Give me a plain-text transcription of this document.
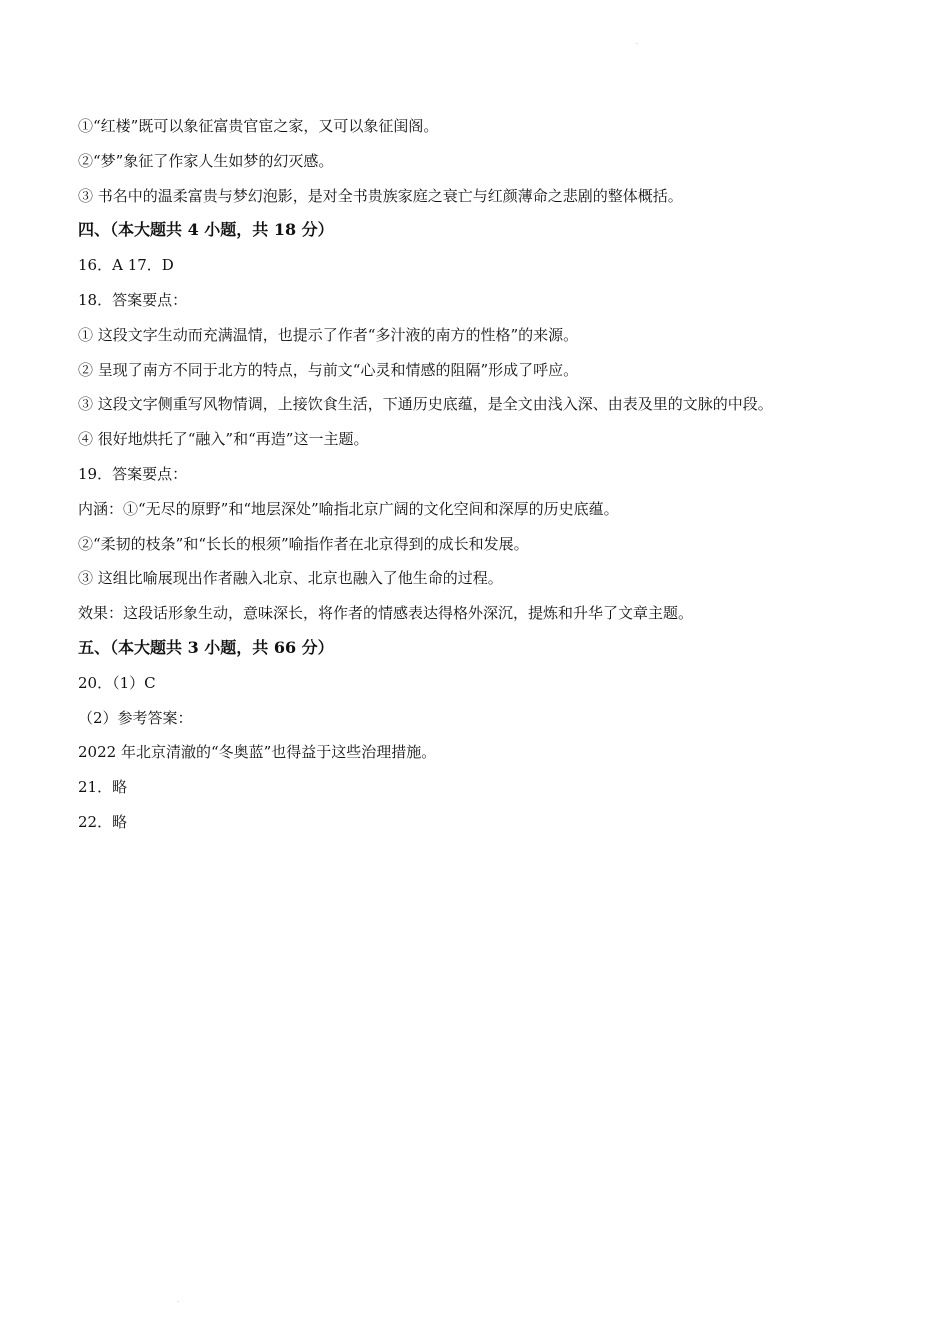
·
①“红楼”既可以象征富贵官宦之家，又可以象征闺阁。
②“梦”象征了作家人生如梦的幻灭感。
③ 书名中的温柔富贵与梦幻泡影，是对全书贵族家庭之衰亡与红颜薄命之悲剧的整体概括。
四、（本大题共 4 小题，共 18 分）
16．A 17．D
18．答案要点：
① 这段文字生动而充满温情，也提示了作者“多汁液的南方的性格”的来源。
② 呈现了南方不同于北方的特点，与前文“心灵和情感的阻隔”形成了呼应。
③ 这段文字侧重写风物情调，上接饮食生活，下通历史底蕴，是全文由浅入深、由表及里的文脉的中段。
④ 很好地烘托了“融入”和“再造”这一主题。
19．答案要点：
内涵：①“无尽的原野”和“地层深处”喻指北京广阔的文化空间和深厚的历史底蕴。
②“柔韧的枝条”和“长长的根须”喻指作者在北京得到的成长和发展。
③ 这组比喻展现出作者融入北京、北京也融入了他生命的过程。
效果：这段话形象生动，意味深长，将作者的情感表达得格外深沉，提炼和升华了文章主题。
五、（本大题共 3 小题，共 66 分）
20．（1）C
（2）参考答案：
2022 年北京清澈的“冬奥蓝”也得益于这些治理措施。
21．略
22．略
·
